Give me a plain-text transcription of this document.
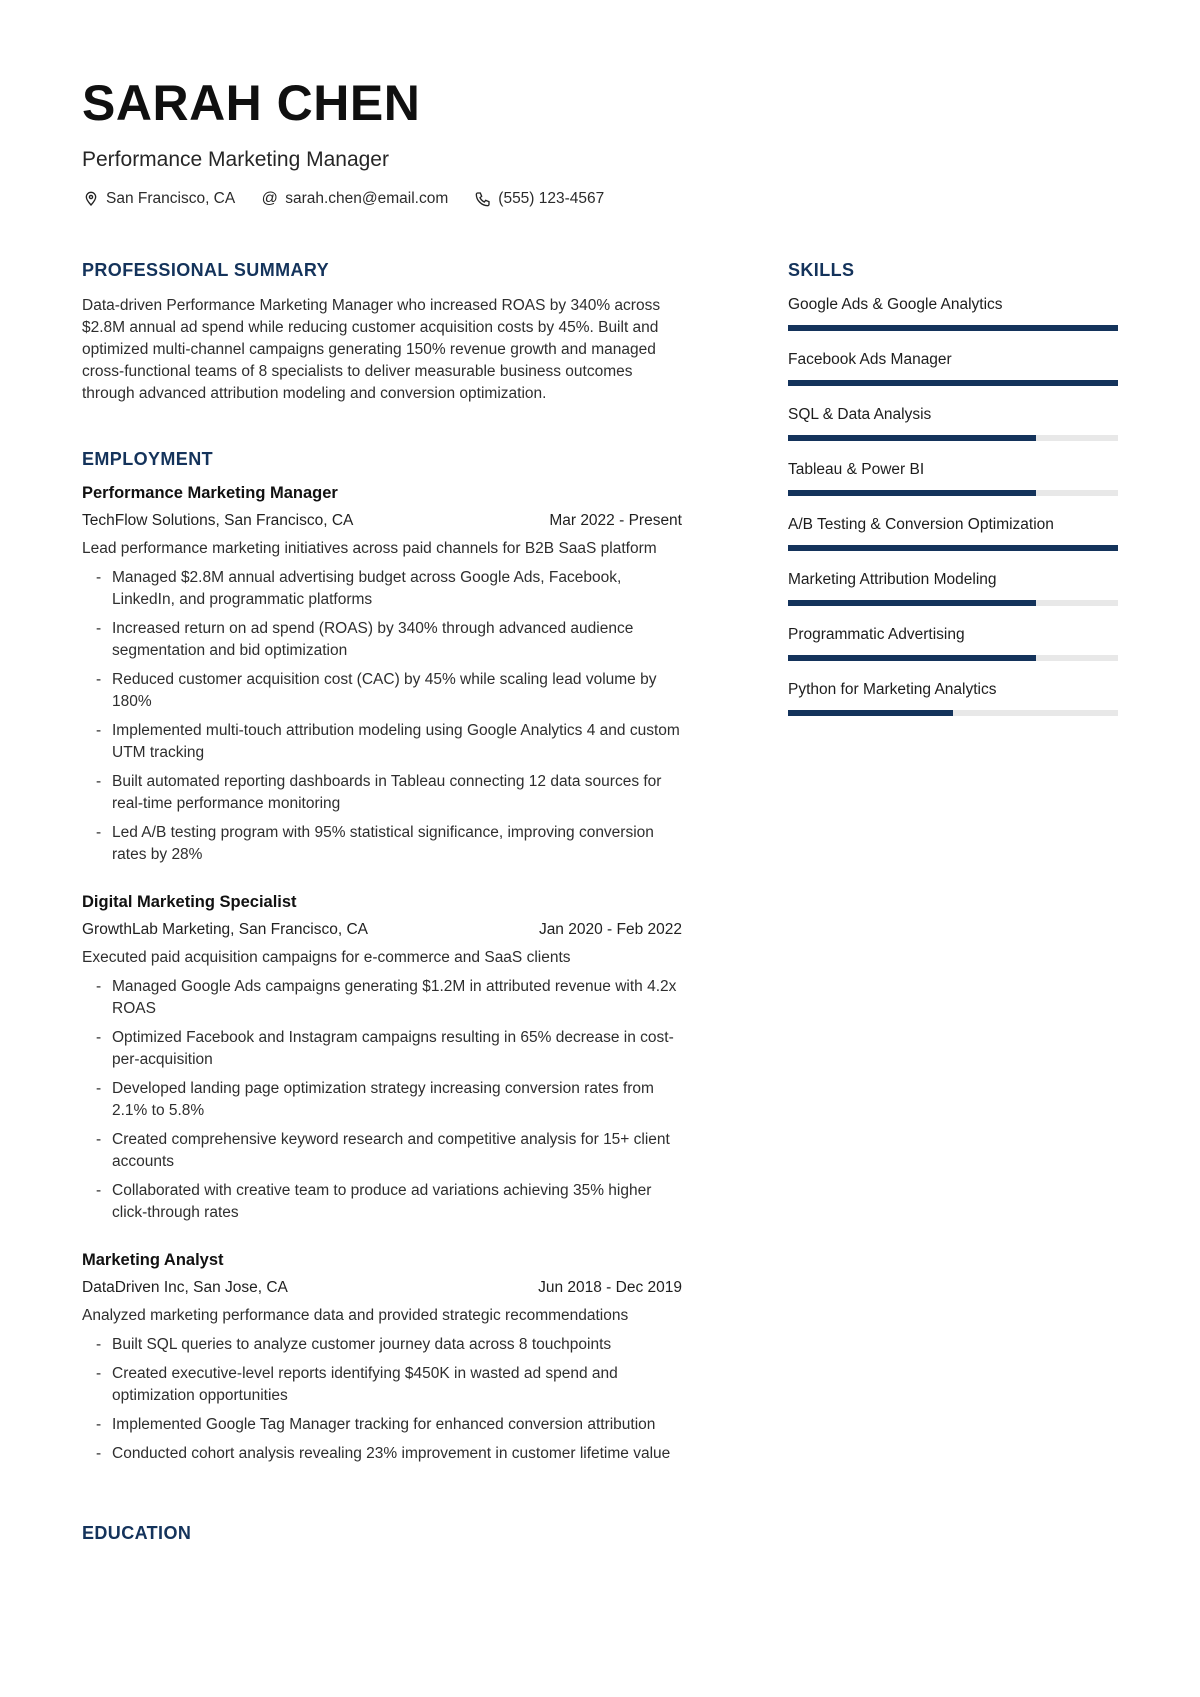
SARAH CHEN
Performance Marketing Manager
San Francisco, CA @ sarah.chen@email.com	(555) 123-4567
PROFESSIONAL SUMMARY

Data-driven Performance Marketing Manager who increased ROAS by 340% across $2.8M annual ad spend while reducing customer acquisition costs by 45%. Built and optimized multi-channel campaigns generating 150% revenue growth and managed cross-functional teams of 8 specialists to deliver measurable business outcomes through advanced attribution modeling and conversion optimization.

EMPLOYMENT
Performance Marketing Manager
TechFlow Solutions, San Francisco, CA	Mar 2022 - Present

Lead performance marketing initiatives across paid channels for B2B SaaS platform

- Managed $2.8M annual advertising budget across Google Ads, Facebook, LinkedIn, and programmatic platforms
- Increased return on ad spend (ROAS) by 340% through advanced audience segmentation and bid optimization
- Reduced customer acquisition cost (CAC) by 45% while scaling lead volume by 180%
- Implemented multi-touch attribution modeling using Google Analytics 4 and custom UTM tracking
- Built automated reporting dashboards in Tableau connecting 12 data sources for real-time performance monitoring
- Led A/B testing program with 95% statistical significance, improving conversion rates by 28%
Digital Marketing Specialist
GrowthLab Marketing, San Francisco, CA	Jan 2020 - Feb 2022

Executed paid acquisition campaigns for e-commerce and SaaS clients

- Managed Google Ads campaigns generating $1.2M in attributed revenue with 4.2x ROAS
- Optimized Facebook and Instagram campaigns resulting in 65% decrease in cost-per-acquisition
- Developed landing page optimization strategy increasing conversion rates from 2.1% to 5.8%
- Created comprehensive keyword research and competitive analysis for 15+ client accounts
- Collaborated with creative team to produce ad variations achieving 35% higher click-through rates
Marketing Analyst
DataDriven Inc, San Jose, CA	Jun 2018 - Dec 2019

Analyzed marketing performance data and provided strategic recommendations

- Built SQL queries to analyze customer journey data across 8 touchpoints
- Created executive-level reports identifying $450K in wasted ad spend and optimization opportunities
- Implemented Google Tag Manager tracking for enhanced conversion attribution
- Conducted cohort analysis revealing 23% improvement in customer lifetime value
EDUCATION
SKILLS
Google Ads & Google Analytics
Facebook Ads Manager
SQL & Data Analysis
Tableau & Power BI
A/B Testing & Conversion Optimization
Marketing Attribution Modeling
Programmatic Advertising
Python for Marketing Analytics
